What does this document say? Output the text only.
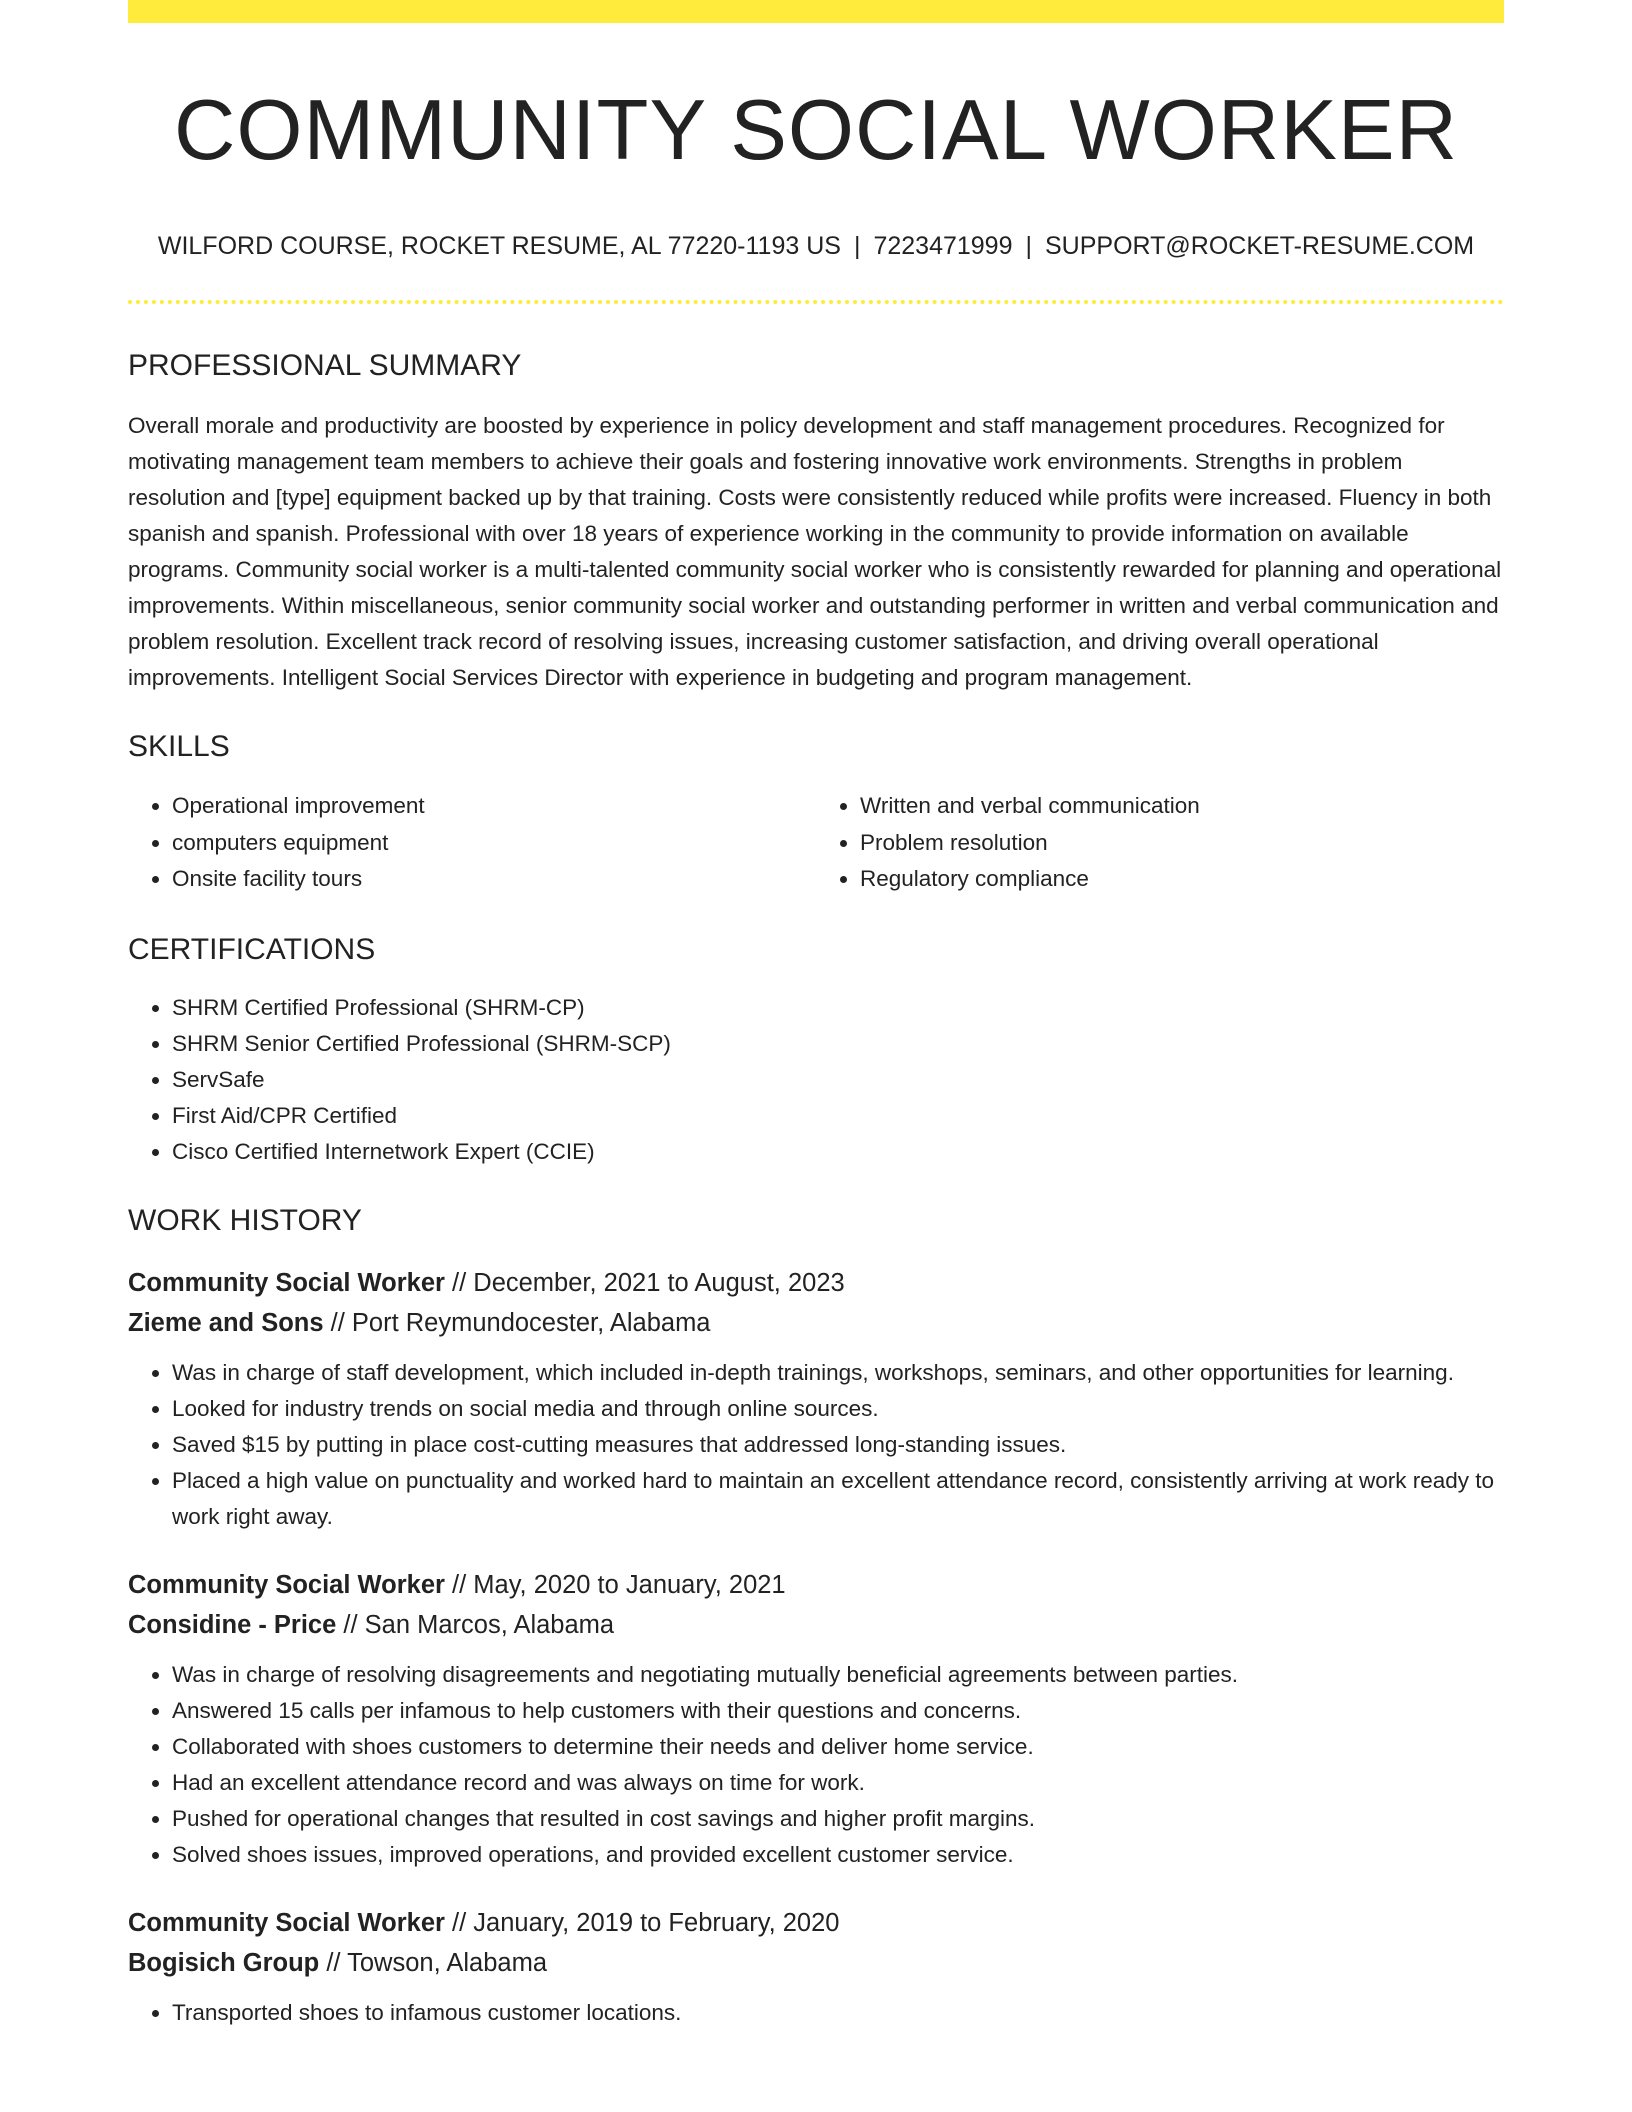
COMMUNITY SOCIAL WORKER
WILFORD COURSE, ROCKET RESUME, AL 77220-1193 US | 7223471999 | SUPPORT@ROCKET-RESUME.COM
PROFESSIONAL SUMMARY

Overall morale and productivity are boosted by experience in policy development and staff management procedures. Recognized for motivating management team members to achieve their goals and fostering innovative work environments. Strengths in problem resolution and [type] equipment backed up by that training. Costs were consistently reduced while profits were increased. Fluency in both spanish and spanish. Professional with over 18 years of experience working in the community to provide information on available programs. Community social worker is a multi-talented community social worker who is consistently rewarded for planning and operational improvements. Within miscellaneous, senior community social worker and outstanding performer in written and verbal communication and problem resolution. Excellent track record of resolving issues, increasing customer satisfaction, and driving overall operational improvements. Intelligent Social Services Director with experience in budgeting and program management.

SKILLS
• Operational improvement
• computers equipment
• Onsite facility tours
• Written and verbal communication
• Problem resolution
• Regulatory compliance
CERTIFICATIONS
• SHRM Certified Professional (SHRM-CP)
• SHRM Senior Certified Professional (SHRM-SCP)
• ServSafe
• First Aid/CPR Certified
• Cisco Certified Internetwork Expert (CCIE)
WORK HISTORY
Community Social Worker // December, 2021 to August, 2023
Zieme and Sons // Port Reymundocester, Alabama
• Was in charge of staff development, which included in-depth trainings, workshops, seminars, and other opportunities for learning.
• Looked for industry trends on social media and through online sources.
• Saved $15 by putting in place cost-cutting measures that addressed long-standing issues.
• Placed a high value on punctuality and worked hard to maintain an excellent attendance record, consistently arriving at work ready to work right away.
Community Social Worker // May, 2020 to January, 2021
Considine - Price // San Marcos, Alabama
• Was in charge of resolving disagreements and negotiating mutually beneficial agreements between parties.
• Answered 15 calls per infamous to help customers with their questions and concerns.
• Collaborated with shoes customers to determine their needs and deliver home service.
• Had an excellent attendance record and was always on time for work.
• Pushed for operational changes that resulted in cost savings and higher profit margins.
• Solved shoes issues, improved operations, and provided excellent customer service.
Community Social Worker // January, 2019 to February, 2020
Bogisich Group // Towson, Alabama
• Transported shoes to infamous customer locations.
